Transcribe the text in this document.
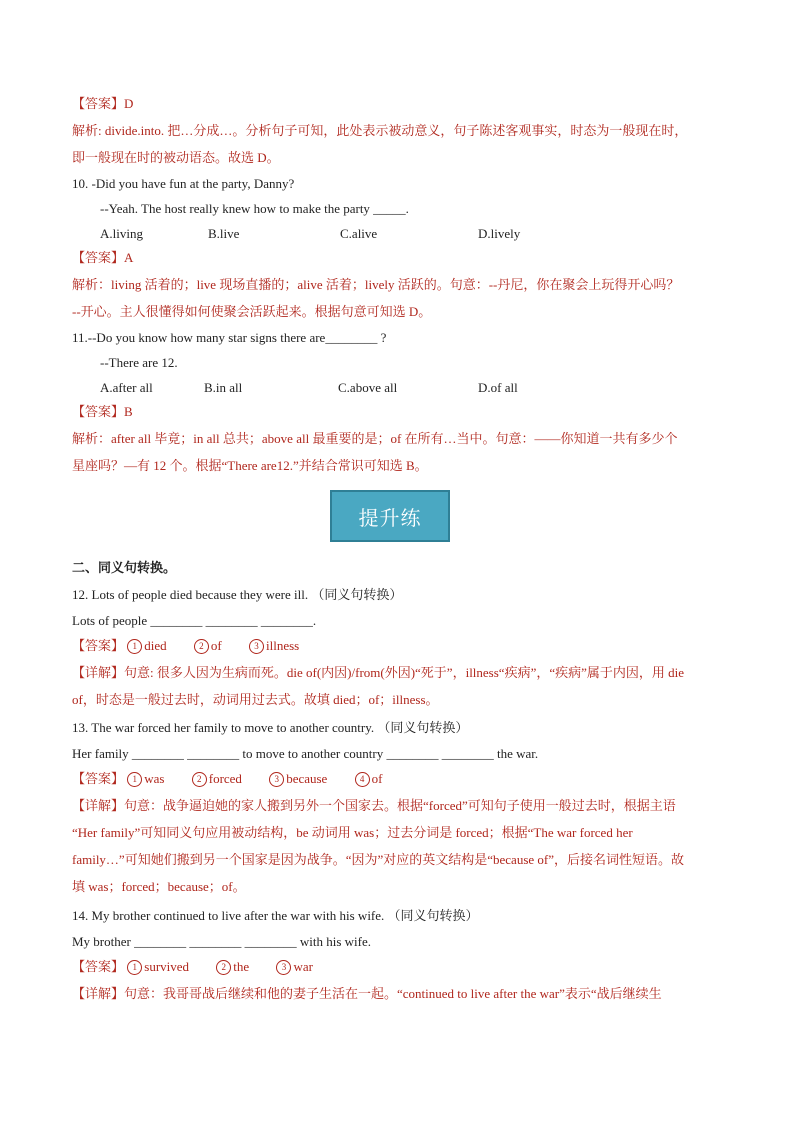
【答案】D
解析: divide.into. 把…分成…。分析句子可知，此处表示被动意义，句子陈述客观事实，时态为一般现在时，
即一般现在时的被动语态。故选 D。
10. -Did you have fun at the party, Danny?
--Yeah. The host really knew how to make the party _____.
A.living	B.live	C.alive	D.lively
【答案】A
解析：living 活着的；live 现场直播的；alive 活着；lively 活跃的。句意：--丹尼，你在聚会上玩得开心吗？
--开心。主人很懂得如何使聚会活跃起来。根据句意可知选 D。
11.--Do you know how many star signs there are________ ?
--There are 12.
A.after all	B.in all	C.above all	D.of all
【答案】B
解析：after all 毕竟；in all 总共；above all 最重要的是；of 在所有…当中。句意：——你知道一共有多少个
星座吗？—有 12 个。根据“There are12.”并结合常识可知选 B。
提升练
二、同义句转换。
12. Lots of people died because they were ill. （同义句转换）
Lots of people ________ ________ ________.
【答案】 1 died	2 of	3 illness
【详解】句意: 很多人因为生病而死。die of(内因)/from(外因)“死于”，illness“疾病”，“疾病”属于内因，用 die
of，时态是一般过去时，动词用过去式。故填 died；of；illness。
13. The war forced her family to move to another country. （同义句转换）
Her family ________ ________ to move to another country ________ ________ the war.
【答案】 1 was	2 forced	3 because	4 of
【详解】句意：战争逼迫她的家人搬到另外一个国家去。根据“forced”可知句子使用一般过去时，根据主语
“Her family”可知同义句应用被动结构，be 动词用 was；过去分词是 forced；根据“The war forced her
family…”可知她们搬到另一个国家是因为战争。“因为”对应的英文结构是“because of”，后接名词性短语。故
填 was；forced；because；of。
14. My brother continued to live after the war with his wife. （同义句转换）
My brother ________ ________ ________ with his wife.
【答案】 1 survived	2 the	3 war
【详解】句意：我哥哥战后继续和他的妻子生活在一起。“continued to live after the war”表示“战后继续生
